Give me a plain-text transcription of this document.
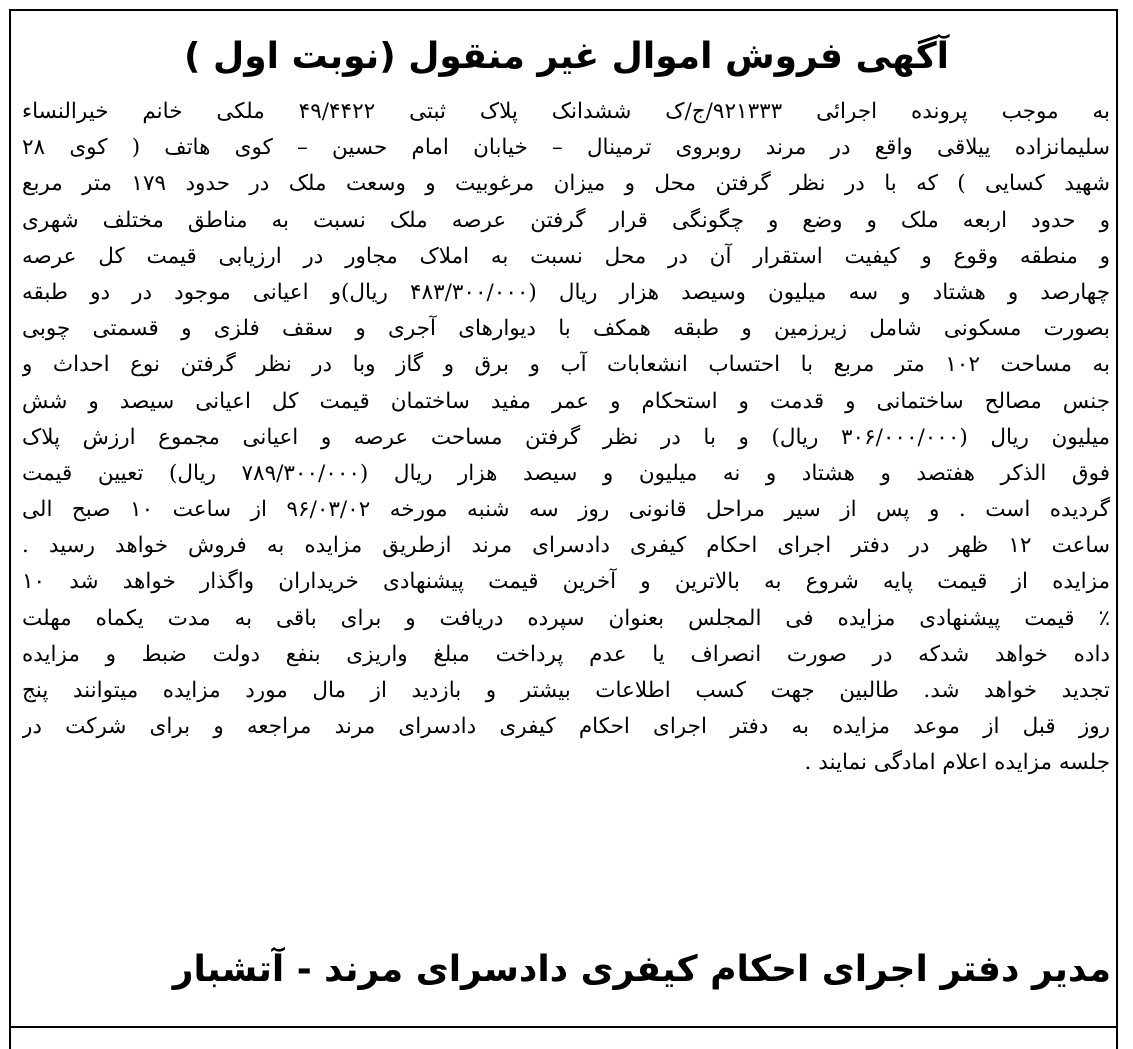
آگهی فروش اموال غیر منقول (نوبت اول )
به موجب پرونده اجرائی ۹۲۱۳۳۳/ج/ک ششدانک پلاک ثبتی ۴۹/۴۴۲۲ ملکی خانم خیرالنساء
سلیمانزاده ییلاقی واقع در مرند روبروی ترمینال – خیابان امام حسین – کوی هاتف ( کوی ۲۸
شهید کسایی ) که با در نظر گرفتن محل و میزان مرغوبیت و وسعت ملک در حدود ۱۷۹ متر مربع
و حدود اربعه ملک و وضع و چگونگی قرار گرفتن عرصه ملک نسبت به مناطق مختلف شهری
و منطقه وقوع و کیفیت استقرار آن در محل نسبت به املاک مجاور در ارزیابی قیمت کل عرصه
چهارصد و هشتاد و سه میلیون وسیصد هزار ریال (۴۸۳/۳۰۰/۰۰۰ ریال)و اعیانی موجود در دو طبقه
بصورت مسکونی شامل زیرزمین و طبقه همکف با دیوارهای آجری و سقف فلزی و قسمتی چوبی
به مساحت ۱۰۲ متر مربع با احتساب انشعابات آب و برق و گاز وبا در نظر گرفتن نوع احداث و
جنس مصالح ساختمانی و قدمت و استحکام و عمر مفید ساختمان قیمت کل اعیانی سیصد و شش
میلیون ریال (۳۰۶/۰۰۰/۰۰۰ ریال) و با در نظر گرفتن مساحت عرصه و اعیانی مجموع ارزش پلاک
فوق الذکر هفتصد و هشتاد و نه میلیون و سیصد هزار ریال (۷۸۹/۳۰۰/۰۰۰ ریال) تعیین قیمت
گردیده است . و پس از سیر مراحل قانونی روز سه شنبه مورخه ۹۶/۰۳/۰۲ از ساعت ۱۰ صبح الی
ساعت ۱۲ ظهر در دفتر اجرای احکام کیفری دادسرای مرند ازطریق مزایده به فروش خواهد رسید .
مزایده از قیمت پایه شروع به بالاترین و آخرین قیمت پیشنهادی خریداران واگذار خواهد شد ۱۰
٪ قیمت پیشنهادی مزایده فی المجلس بعنوان سپرده دریافت و برای باقی به مدت یکماه مهلت
داده خواهد شدکه در صورت انصراف یا عدم پرداخت مبلغ واریزی بنفع دولت ضبط و مزایده
تجدید خواهد شد. طالبین جهت کسب اطلاعات بیشتر و بازدید از مال مورد مزایده میتوانند پنج
روز قبل از موعد مزایده به دفتر اجرای احکام کیفری دادسرای مرند مراجعه و برای شرکت در
جلسه مزایده اعلام امادگی نمایند .
مدیر دفتر اجرای احکام کیفری دادسرای مرند - آتشبار
